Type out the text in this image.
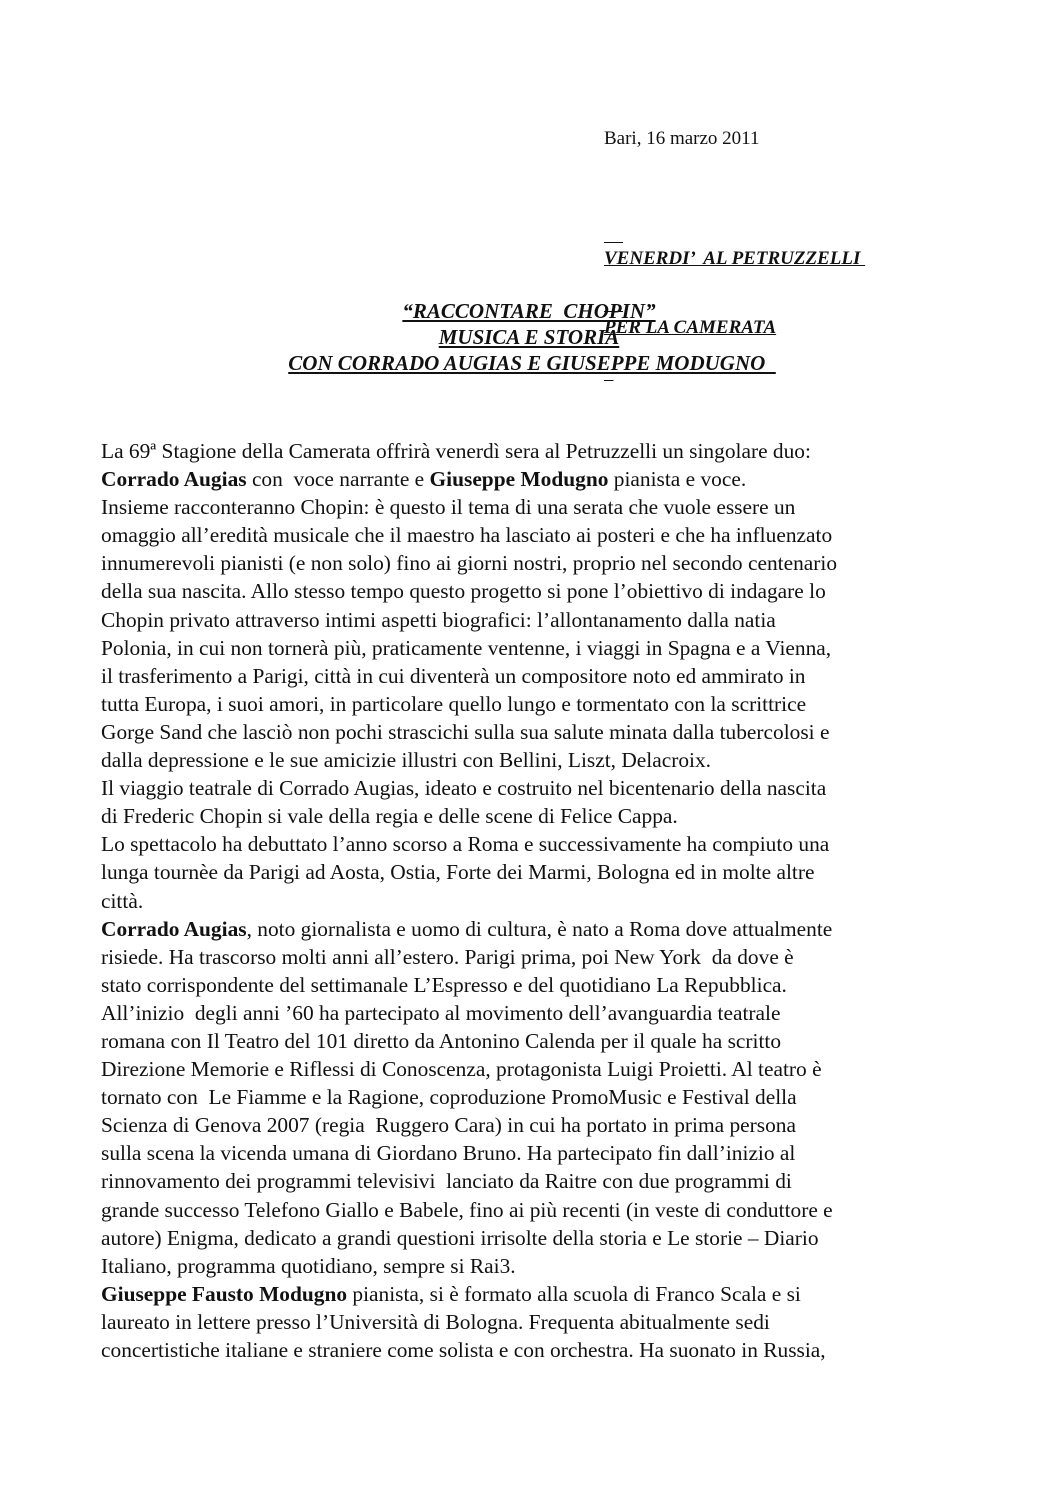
Bari, 16 marzo 2011

VENERDI’  AL PETRUZZELLI

PER LA CAMERATA

“RACCONTARE  CHOPIN”
MUSICA E STORIA
CON CORRADO AUGIAS E GIUSEPPE MODUGNO
La 69ª Stagione della Camerata offrirà venerdì sera al Petruzzelli un singolare duo:
Corrado Augias con  voce narrante e Giuseppe Modugno pianista e voce.
Insieme racconteranno Chopin: è questo il tema di una serata che vuole essere un
omaggio all’eredità musicale che il maestro ha lasciato ai posteri e che ha influenzato
innumerevoli pianisti (e non solo) fino ai giorni nostri, proprio nel secondo centenario
della sua nascita. Allo stesso tempo questo progetto si pone l’obiettivo di indagare lo
Chopin privato attraverso intimi aspetti biografici: l’allontanamento dalla natia
Polonia, in cui non tornerà più, praticamente ventenne, i viaggi in Spagna e a Vienna,
il trasferimento a Parigi, città in cui diventerà un compositore noto ed ammirato in
tutta Europa, i suoi amori, in particolare quello lungo e tormentato con la scrittrice
Gorge Sand che lasciò non pochi strascichi sulla sua salute minata dalla tubercolosi e
dalla depressione e le sue amicizie illustri con Bellini, Liszt, Delacroix.
Il viaggio teatrale di Corrado Augias, ideato e costruito nel bicentenario della nascita
di Frederic Chopin si vale della regia e delle scene di Felice Cappa.
Lo spettacolo ha debuttato l’anno scorso a Roma e successivamente ha compiuto una
lunga tournèe da Parigi ad Aosta, Ostia, Forte dei Marmi, Bologna ed in molte altre
città.
Corrado Augias, noto giornalista e uomo di cultura, è nato a Roma dove attualmente
risiede. Ha trascorso molti anni all’estero. Parigi prima, poi New York  da dove è
stato corrispondente del settimanale L’Espresso e del quotidiano La Repubblica.
All’inizio  degli anni ’60 ha partecipato al movimento dell’avanguardia teatrale
romana con Il Teatro del 101 diretto da Antonino Calenda per il quale ha scritto
Direzione Memorie e Riflessi di Conoscenza, protagonista Luigi Proietti. Al teatro è
tornato con  Le Fiamme e la Ragione, coproduzione PromoMusic e Festival della
Scienza di Genova 2007 (regia  Ruggero Cara) in cui ha portato in prima persona
sulla scena la vicenda umana di Giordano Bruno. Ha partecipato fin dall’inizio al
rinnovamento dei programmi televisivi  lanciato da Raitre con due programmi di
grande successo Telefono Giallo e Babele, fino ai più recenti (in veste di conduttore e
autore) Enigma, dedicato a grandi questioni irrisolte della storia e Le storie – Diario
Italiano, programma quotidiano, sempre si Rai3.
Giuseppe Fausto Modugno pianista, si è formato alla scuola di Franco Scala e si
laureato in lettere presso l’Università di Bologna. Frequenta abitualmente sedi
concertistiche italiane e straniere come solista e con orchestra. Ha suonato in Russia,
